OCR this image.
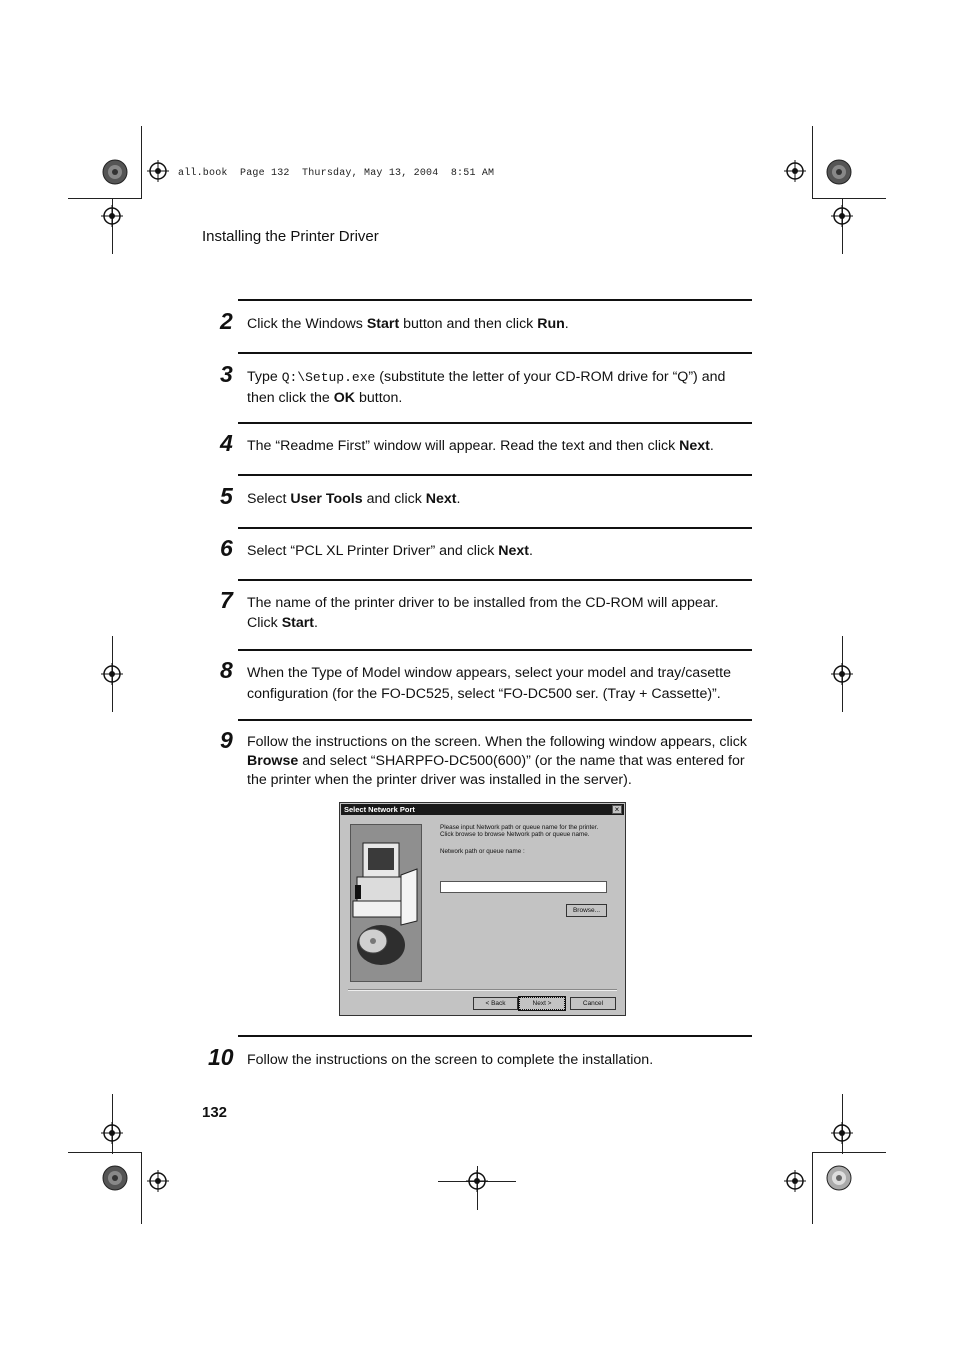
all.book  Page 132  Thursday, May 13, 2004  8:51 AM
Installing the Printer Driver
2 Click the Windows Start button and then click Run.
3 Type Q:\Setup.exe (substitute the letter of your CD-ROM drive for “Q”) and then click the OK button.
4 The “Readme First” window will appear. Read the text and then click Next.
5 Select User Tools and click Next.
6 Select “PCL XL Printer Driver” and click Next.
7 The name of the printer driver to be installed from the CD-ROM will appear. Click Start.
8 When the Type of Model window appears, select your model and tray/casette configuration (for the FO-DC525, select “FO-DC500 ser. (Tray + Cassette)”.
9 Follow the instructions on the screen. When the following window appears, click Browse and select “SHARPFO-DC500(600)” (or the name that was entered for the printer when the printer driver was installed in the server).
Select Network Port	×
Please input Network path or queue name for the printer.
Click browse to browse Network path or queue name.
Network path or queue name :
Browse...
< Back	Next >	Cancel
10 Follow the instructions on the screen to complete the installation.
132
